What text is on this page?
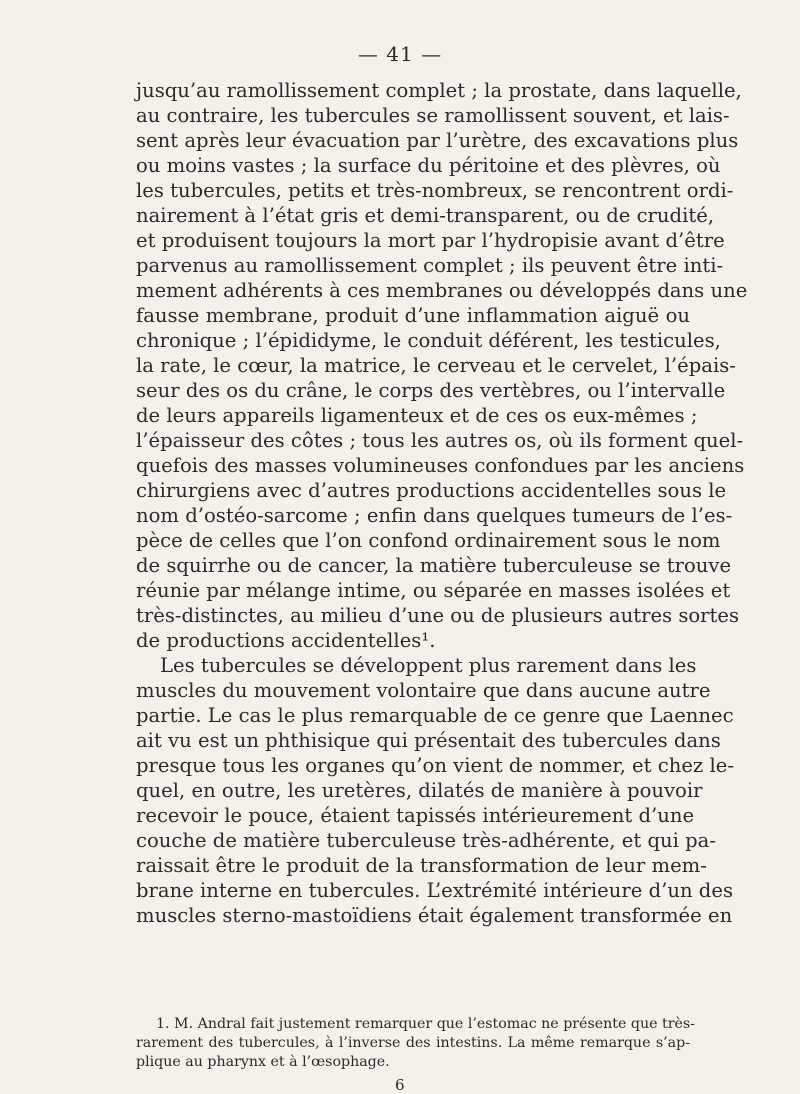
— 41 —
jusqu’au ramollissement complet ; la prostate, dans laquelle,
au contraire, les tubercules se ramollissent souvent, et lais-
sent après leur évacuation par l’urètre, des excavations plus
ou moins vastes ; la surface du péritoine et des plèvres, où
les tubercules, petits et très-nombreux, se rencontrent ordi-
nairement à l’état gris et demi-transparent, ou de crudité,
et produisent toujours la mort par l’hydropisie avant d’être
parvenus au ramollissement complet ; ils peuvent être inti-
mement adhérents à ces membranes ou développés dans une
fausse membrane, produit d’une inflammation aiguë ou
chronique ; l’épididyme, le conduit déférent, les testicules,
la rate, le cœur, la matrice, le cerveau et le cervelet, l’épais-
seur des os du crâne, le corps des vertèbres, ou l’intervalle
de leurs appareils ligamenteux et de ces os eux-mêmes ;
l’épaisseur des côtes ; tous les autres os, où ils forment quel-
quefois des masses volumineuses confondues par les anciens
chirurgiens avec d’autres productions accidentelles sous le
nom d’ostéo-sarcome ; enfin dans quelques tumeurs de l’es-
pèce de celles que l’on confond ordinairement sous le nom
de squirrhe ou de cancer, la matière tuberculeuse se trouve
réunie par mélange intime, ou séparée en masses isolées et
très-distinctes, au milieu d’une ou de plusieurs autres sortes
de productions accidentelles¹.
Les tubercules se développent plus rarement dans les
muscles du mouvement volontaire que dans aucune autre
partie. Le cas le plus remarquable de ce genre que Laennec
ait vu est un phthisique qui présentait des tubercules dans
presque tous les organes qu’on vient de nommer, et chez le-
quel, en outre, les uretères, dilatés de manière à pouvoir
recevoir le pouce, étaient tapissés intérieurement d’une
couche de matière tuberculeuse très-adhérente, et qui pa-
raissait être le produit de la transformation de leur mem-
brane interne en tubercules. L’extrémité intérieure d’un des
muscles sterno-mastoïdiens était également transformée en
1. M. Andral fait justement remarquer que l’estomac ne présente que très-
rarement des tubercules, à l’inverse des intestins. La même remarque s’ap-
plique au pharynx et à l’œsophage.
6
